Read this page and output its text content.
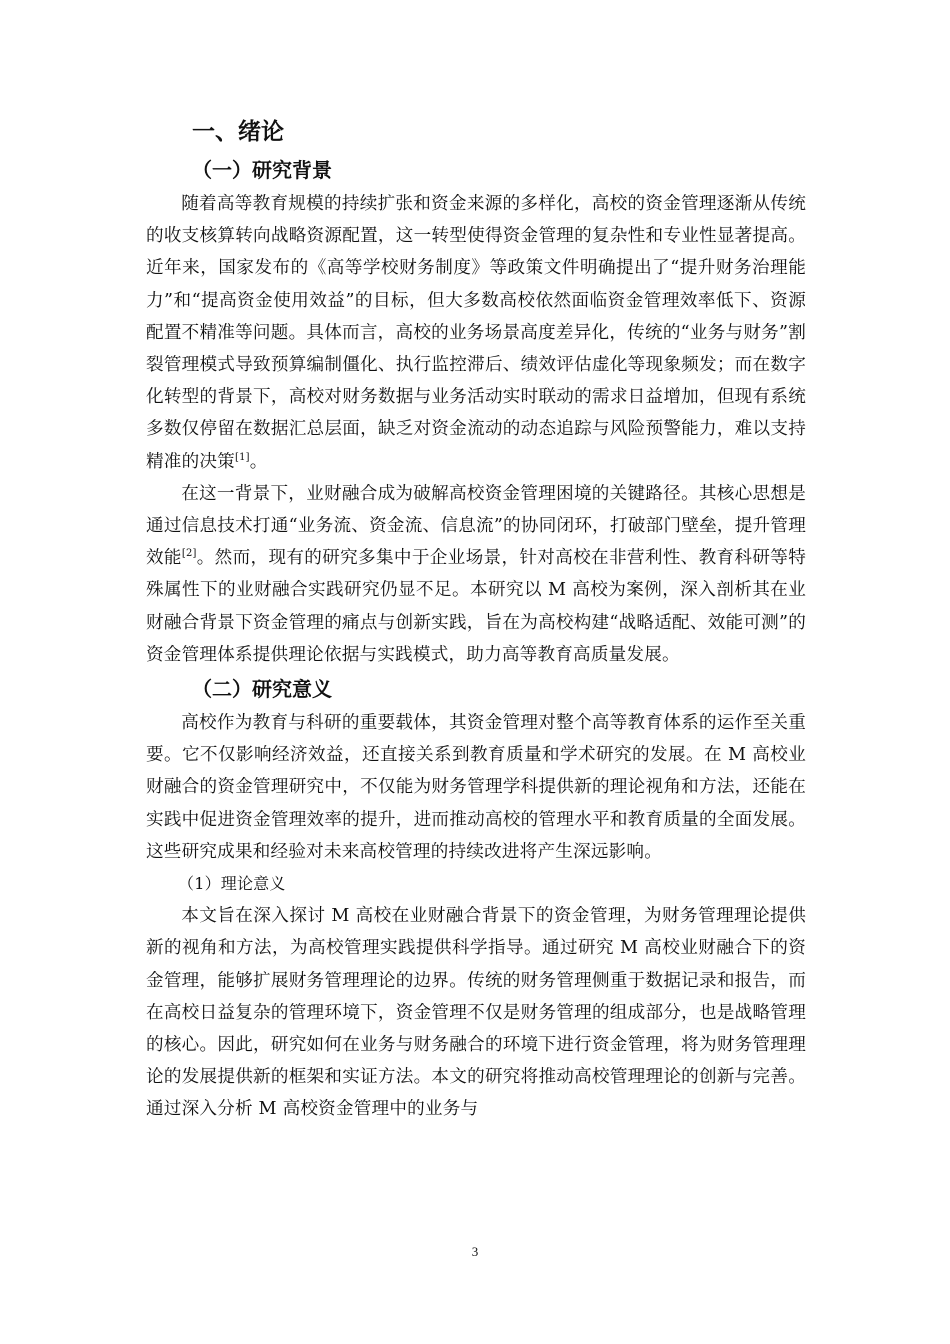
一、绪论
（一）研究背景

随着高等教育规模的持续扩张和资金来源的多样化，高校的资金管理逐渐从传统的收支核算转向战略资源配置，这一转型使得资金管理的复杂性和专业性显著提高。近年来，国家发布的《高等学校财务制度》等政策文件明确提出了“提升财务治理能力”和“提高资金使用效益”的目标，但大多数高校依然面临资金管理效率低下、资源配置不精准等问题。具体而言，高校的业务场景高度差异化，传统的“业务与财务”割裂管理模式导致预算编制僵化、执行监控滞后、绩效评估虚化等现象频发；而在数字化转型的背景下，高校对财务数据与业务活动实时联动的需求日益增加，但现有系统多数仅停留在数据汇总层面，缺乏对资金流动的动态追踪与风险预警能力，难以支持精准的决策[1]。

在这一背景下，业财融合成为破解高校资金管理困境的关键路径。其核心思想是通过信息技术打通“业务流、资金流、信息流”的协同闭环，打破部门壁垒，提升管理效能[2]。然而，现有的研究多集中于企业场景，针对高校在非营利性、教育科研等特殊属性下的业财融合实践研究仍显不足。本研究以 M 高校为案例，深入剖析其在业财融合背景下资金管理的痛点与创新实践，旨在为高校构建“战略适配、效能可测”的资金管理体系提供理论依据与实践模式，助力高等教育高质量发展。

（二）研究意义

高校作为教育与科研的重要载体，其资金管理对整个高等教育体系的运作至关重要。它不仅影响经济效益，还直接关系到教育质量和学术研究的发展。在 M 高校业财融合的资金管理研究中，不仅能为财务管理学科提供新的理论视角和方法，还能在实践中促进资金管理效率的提升，进而推动高校的管理水平和教育质量的全面发展。这些研究成果和经验对未来高校管理的持续改进将产生深远影响。

（1）理论意义

本文旨在深入探讨 M 高校在业财融合背景下的资金管理，为财务管理理论提供新的视角和方法，为高校管理实践提供科学指导。通过研究 M 高校业财融合下的资金管理，能够扩展财务管理理论的边界。传统的财务管理侧重于数据记录和报告，而在高校日益复杂的管理环境下，资金管理不仅是财务管理的组成部分，也是战略管理的核心。因此，研究如何在业务与财务融合的环境下进行资金管理，将为财务管理理论的发展提供新的框架和实证方法。本文的研究将推动高校管理理论的创新与完善。通过深入分析 M 高校资金管理中的业务与

3
